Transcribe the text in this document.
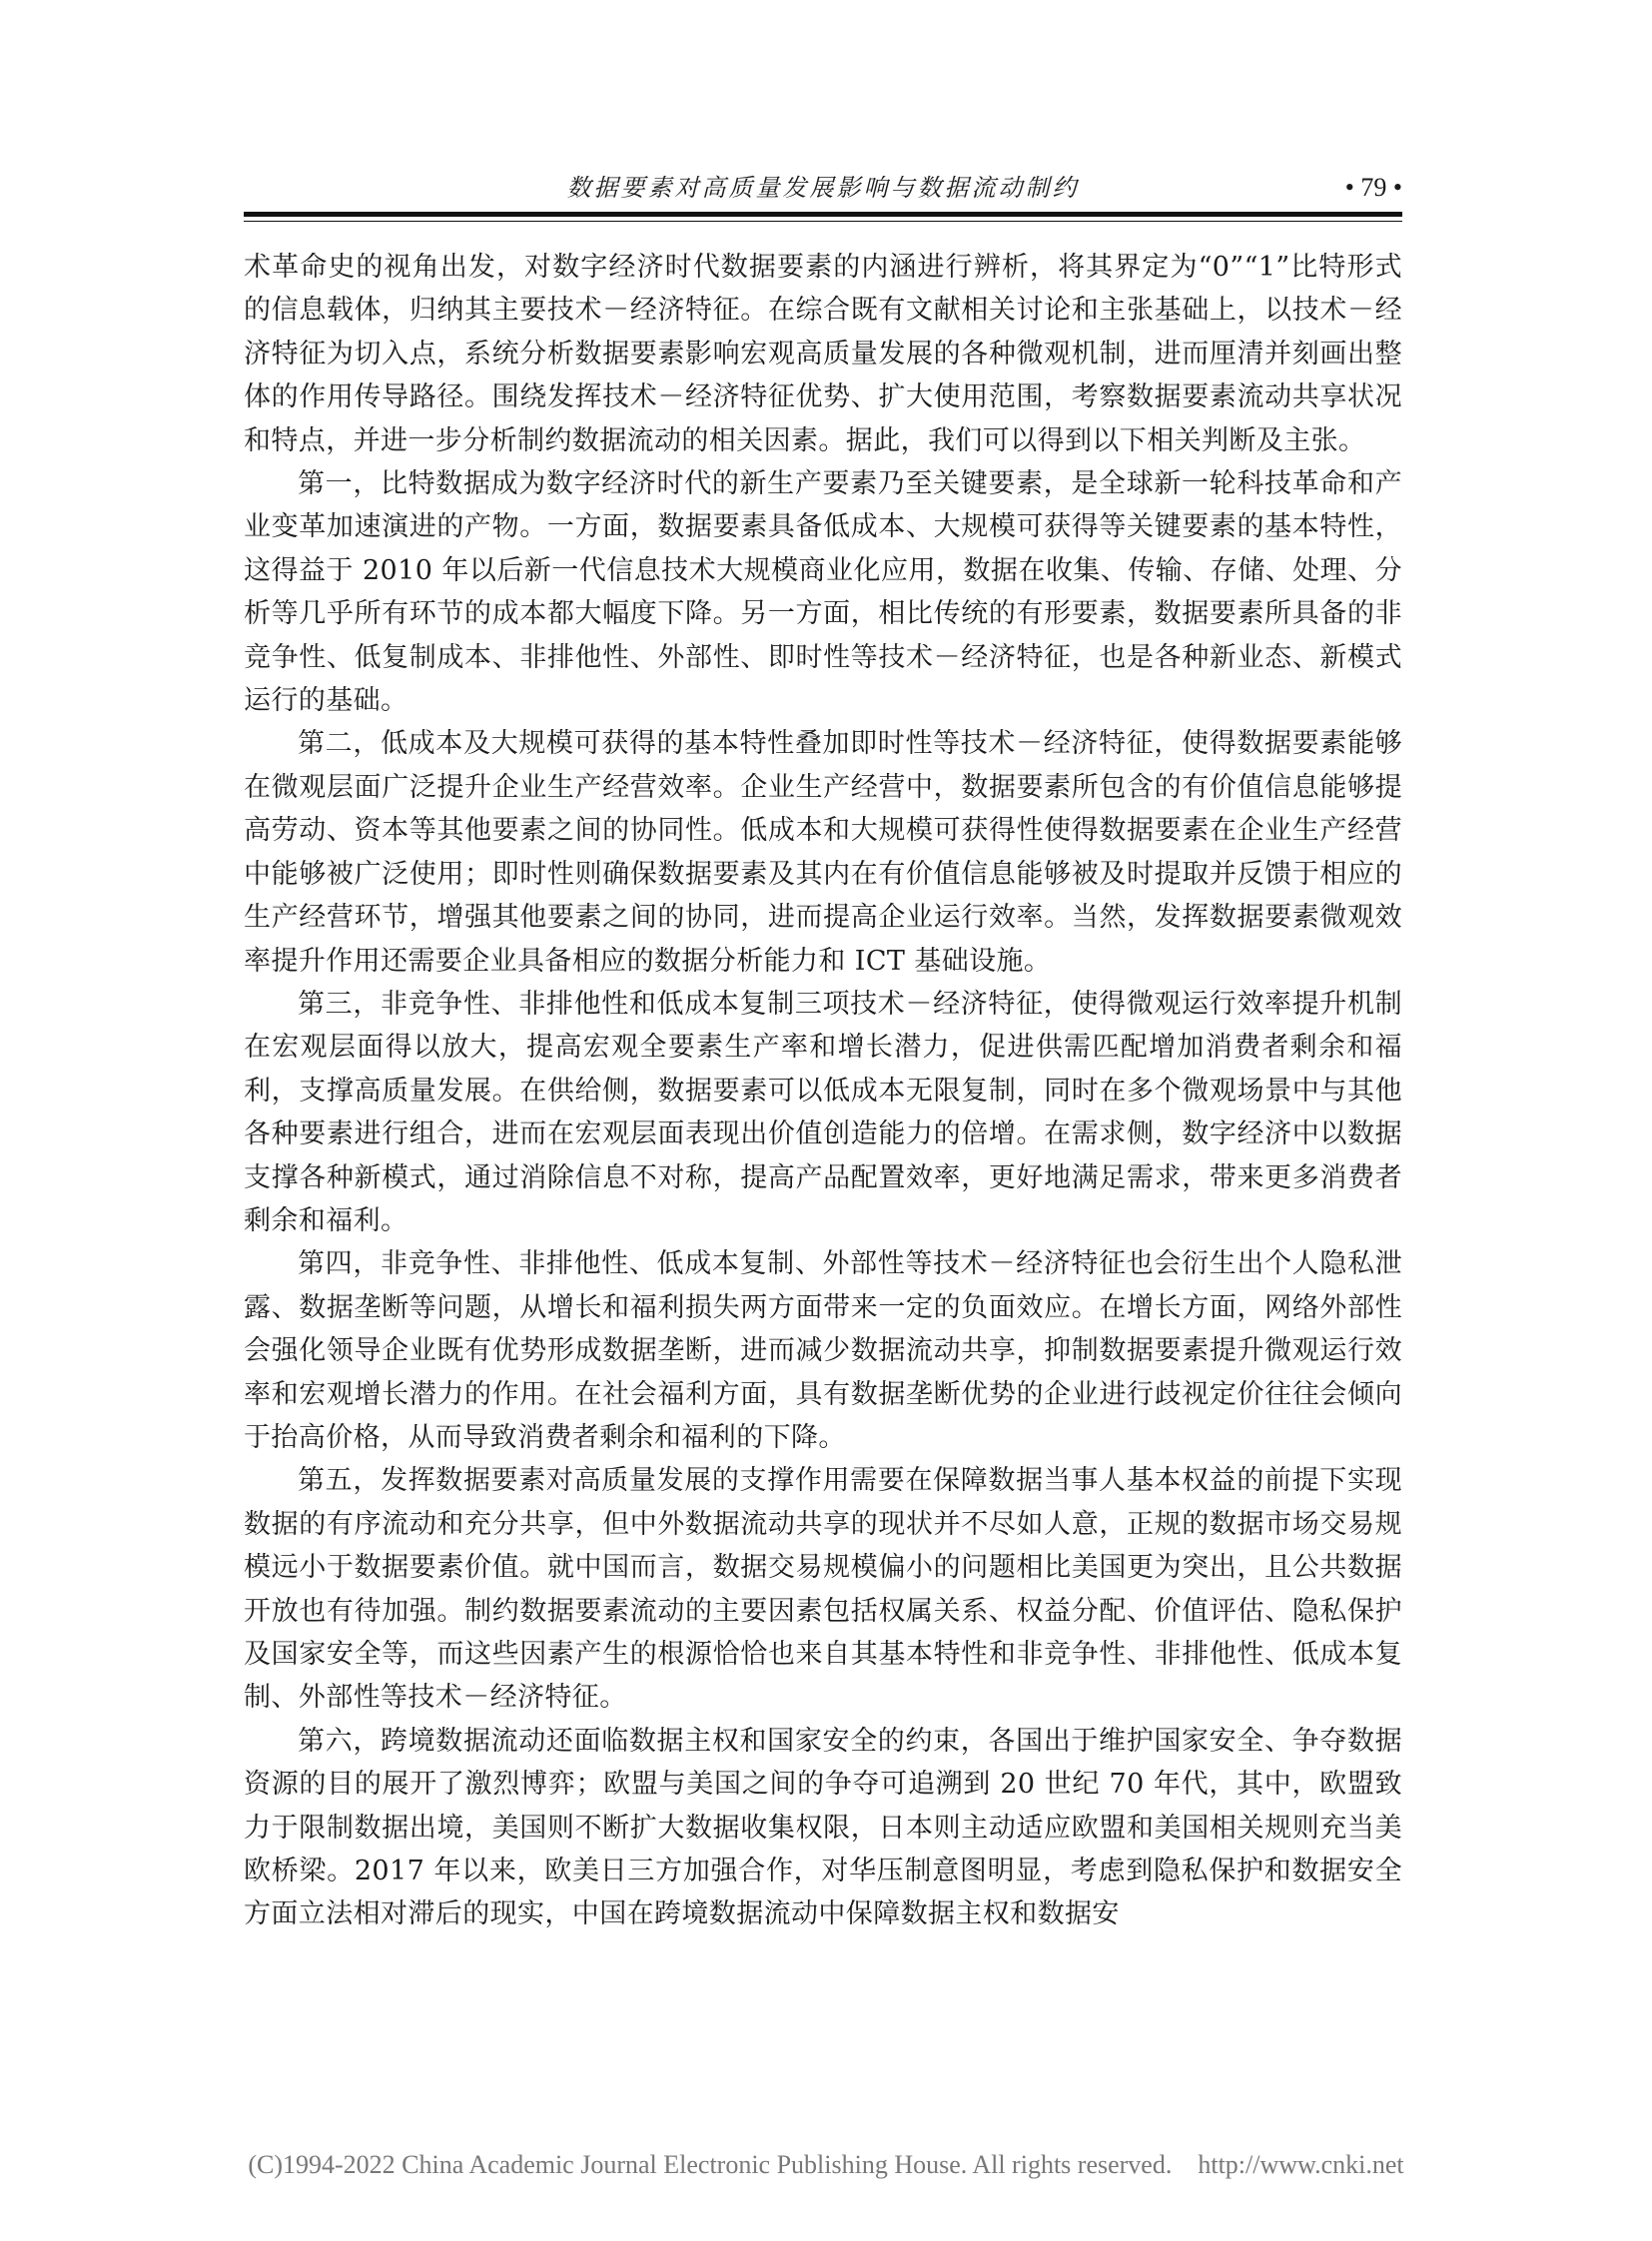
数据要素对高质量发展影响与数据流动制约	• 79 •

术革命史的视角出发，对数字经济时代数据要素的内涵进行辨析，将其界定为“0”“1”比特形式的信息载体，归纳其主要技术－经济特征。在综合既有文献相关讨论和主张基础上，以技术－经济特征为切入点，系统分析数据要素影响宏观高质量发展的各种微观机制，进而厘清并刻画出整体的作用传导路径。围绕发挥技术－经济特征优势、扩大使用范围，考察数据要素流动共享状况和特点，并进一步分析制约数据流动的相关因素。据此，我们可以得到以下相关判断及主张。

第一，比特数据成为数字经济时代的新生产要素乃至关键要素，是全球新一轮科技革命和产业变革加速演进的产物。一方面，数据要素具备低成本、大规模可获得等关键要素的基本特性，这得益于 2010 年以后新一代信息技术大规模商业化应用，数据在收集、传输、存储、处理、分析等几乎所有环节的成本都大幅度下降。另一方面，相比传统的有形要素，数据要素所具备的非竞争性、低复制成本、非排他性、外部性、即时性等技术－经济特征，也是各种新业态、新模式运行的基础。

第二，低成本及大规模可获得的基本特性叠加即时性等技术－经济特征，使得数据要素能够在微观层面广泛提升企业生产经营效率。企业生产经营中，数据要素所包含的有价值信息能够提高劳动、资本等其他要素之间的协同性。低成本和大规模可获得性使得数据要素在企业生产经营中能够被广泛使用；即时性则确保数据要素及其内在有价值信息能够被及时提取并反馈于相应的生产经营环节，增强其他要素之间的协同，进而提高企业运行效率。当然，发挥数据要素微观效率提升作用还需要企业具备相应的数据分析能力和 ICT 基础设施。

第三，非竞争性、非排他性和低成本复制三项技术－经济特征，使得微观运行效率提升机制在宏观层面得以放大，提高宏观全要素生产率和增长潜力，促进供需匹配增加消费者剩余和福利，支撑高质量发展。在供给侧，数据要素可以低成本无限复制，同时在多个微观场景中与其他各种要素进行组合，进而在宏观层面表现出价值创造能力的倍增。在需求侧，数字经济中以数据支撑各种新模式，通过消除信息不对称，提高产品配置效率，更好地满足需求，带来更多消费者剩余和福利。

第四，非竞争性、非排他性、低成本复制、外部性等技术－经济特征也会衍生出个人隐私泄露、数据垄断等问题，从增长和福利损失两方面带来一定的负面效应。在增长方面，网络外部性会强化领导企业既有优势形成数据垄断，进而减少数据流动共享，抑制数据要素提升微观运行效率和宏观增长潜力的作用。在社会福利方面，具有数据垄断优势的企业进行歧视定价往往会倾向于抬高价格，从而导致消费者剩余和福利的下降。

第五，发挥数据要素对高质量发展的支撑作用需要在保障数据当事人基本权益的前提下实现数据的有序流动和充分共享，但中外数据流动共享的现状并不尽如人意，正规的数据市场交易规模远小于数据要素价值。就中国而言，数据交易规模偏小的问题相比美国更为突出，且公共数据开放也有待加强。制约数据要素流动的主要因素包括权属关系、权益分配、价值评估、隐私保护及国家安全等，而这些因素产生的根源恰恰也来自其基本特性和非竞争性、非排他性、低成本复制、外部性等技术－经济特征。

第六，跨境数据流动还面临数据主权和国家安全的约束，各国出于维护国家安全、争夺数据资源的目的展开了激烈博弈；欧盟与美国之间的争夺可追溯到 20 世纪 70 年代，其中，欧盟致力于限制数据出境，美国则不断扩大数据收集权限，日本则主动适应欧盟和美国相关规则充当美欧桥梁。2017 年以来，欧美日三方加强合作，对华压制意图明显，考虑到隐私保护和数据安全方面立法相对滞后的现实，中国在跨境数据流动中保障数据主权和数据安

(C)1994-2022 China Academic Journal Electronic Publishing House. All rights reserved. http://www.cnki.net
